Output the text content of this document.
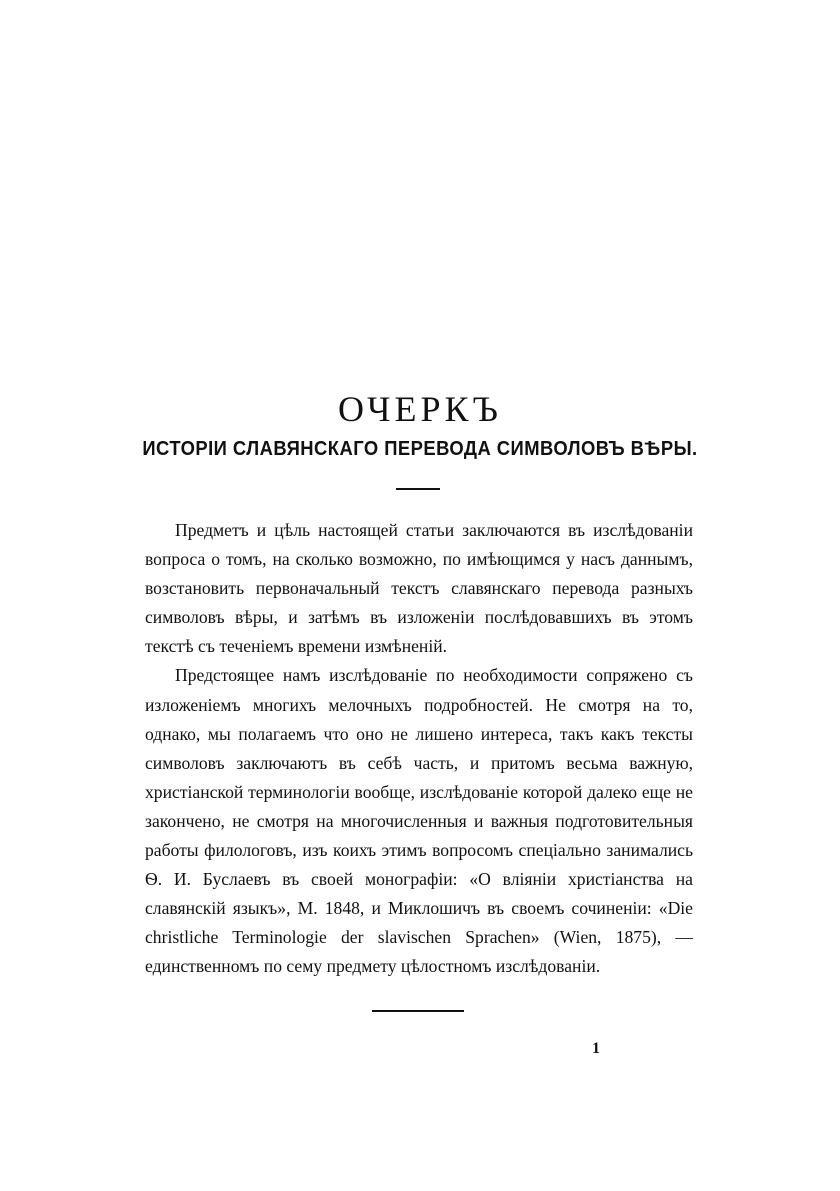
ОЧЕРКЪ
ИСТОРІИ СЛАВЯНСКАГО ПЕРЕВОДА СИМВОЛОВЪ ВѢРЫ.

Предметъ и цѣль настоящей статьи заключаются въ изслѣдованіи вопроса о томъ, на сколько возможно, по имѣющимся у насъ даннымъ, возстановить первоначальный текстъ славянскаго перевода разныхъ символовъ вѣры, и затѣмъ въ изложеніи послѣдовавшихъ въ этомъ текстѣ съ теченіемъ времени измѣненій.

Предстоящее намъ изслѣдованіе по необходимости сопряжено съ изложеніемъ многихъ мелочныхъ подробностей. Не смотря на то, однако, мы полагаемъ что оно не лишено интереса, такъ какъ тексты символовъ заключаютъ въ себѣ часть, и притомъ весьма важную, христіанской терминологіи вообще, изслѣдованіе которой далеко еще не закончено, не смотря на многочисленныя и важныя подготовительныя работы филологовъ, изъ коихъ этимъ вопросомъ спеціально занимались Ѳ. И. Буслаевъ въ своей монографіи: «О вліяніи христіанства на славянскій языкъ», М. 1848, и Миклошичъ въ своемъ сочиненіи: «Die christliche Terminologie der slavischen Sprachen» (Wien, 1875), — единственномъ по сему предмету цѣлостномъ изслѣдованіи.

1
